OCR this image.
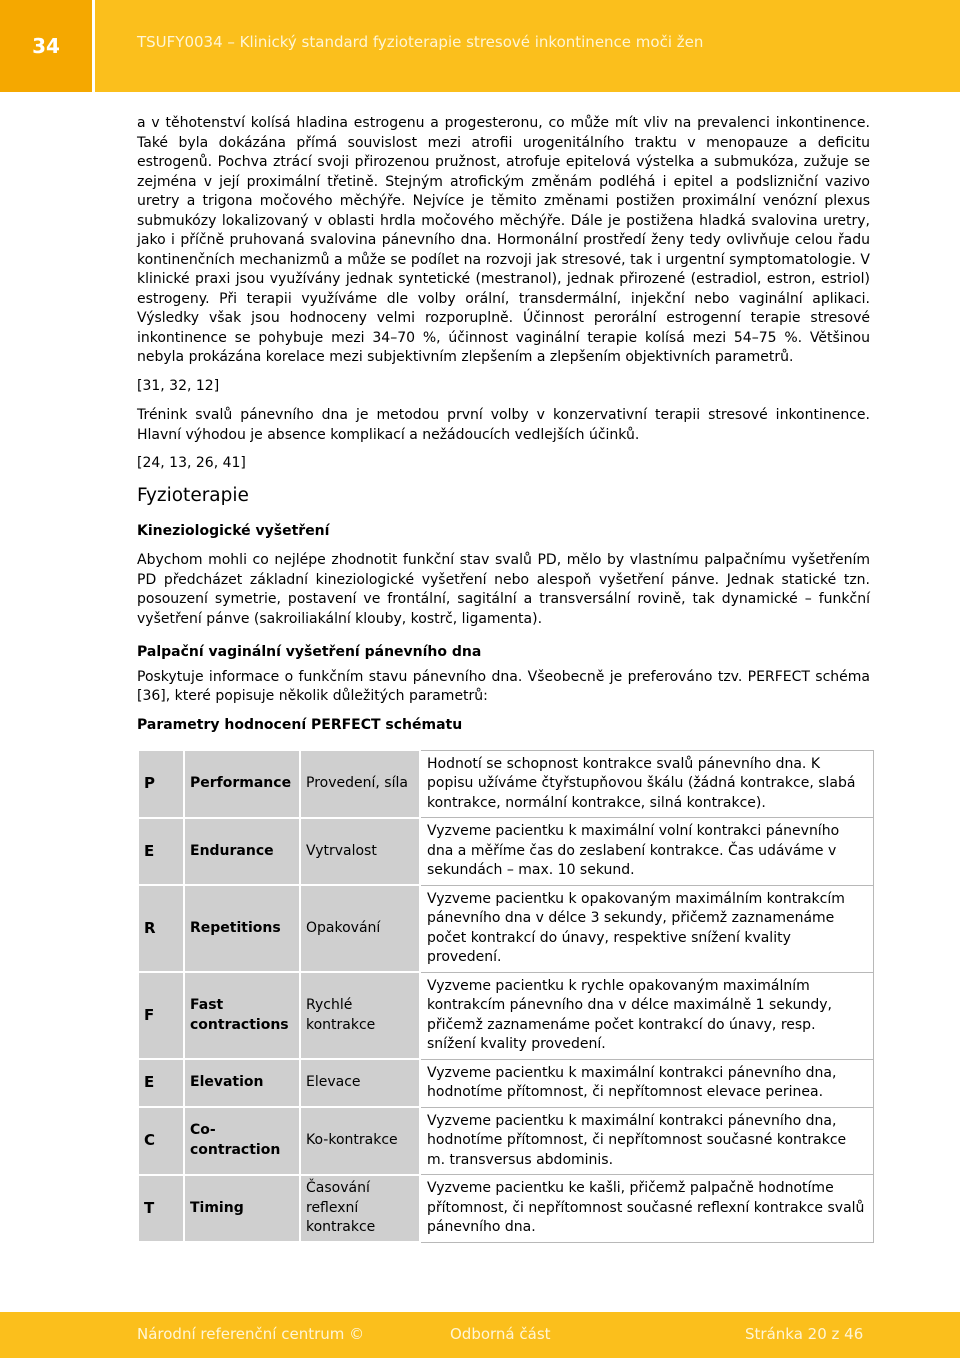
34	TSUFY0034 – Klinický standard fyzioterapie stresové inkontinence moči žen

a v těhotenství kolísá hladina estrogenu a progesteronu, co může mít vliv na prevalenci inkontinence. Také byla dokázána přímá souvislost mezi atrofii urogenitálního traktu v menopauze a deficitu estrogenů. Pochva ztrácí svoji přirozenou pružnost, atrofuje epitelová výstelka a submukóza, zužuje se zejména v její proximální třetině. Stejným atrofickým změnám podléhá i epitel a podslizniční vazivo uretry a trigona močového měchýře. Nejvíce je těmito změnami postižen proximální venózní plexus submukózy lokalizovaný v oblasti hrdla močového měchýře. Dále je postižena hladká svalovina uretry, jako i příčně pruhovaná svalovina pánevního dna. Hormonální prostředí ženy tedy ovlivňuje celou řadu kontinenčních mechanizmů a může se podílet na rozvoji jak stresové, tak i urgentní symptomatologie. V klinické praxi jsou využívány jednak syntetické (mestranol), jednak přirozené (estradiol, estron, estriol) estrogeny. Při terapii využíváme dle volby orální, transdermální, injekční nebo vaginální aplikaci. Výsledky však jsou hodnoceny velmi rozporuplně. Účinnost perorální estrogenní terapie stresové inkontinence se pohybuje mezi 34–70 %, účinnost vaginální terapie kolísá mezi 54–75 %. Většinou nebyla prokázána korelace mezi subjektivním zlepšením a zlepšením objektivních parametrů.

[31, 32, 12]

Trénink svalů pánevního dna je metodou první volby v konzervativní terapii stresové inkontinence. Hlavní výhodou je absence komplikací a nežádoucích vedlejších účinků.

[24, 13, 26, 41]

Fyzioterapie

Kineziologické vyšetření

Abychom mohli co nejlépe zhodnotit funkční stav svalů PD, mělo by vlastnímu palpačnímu vyšetřením PD předcházet základní kineziologické vyšetření nebo alespoň vyšetření pánve. Jednak statické tzn. posouzení symetrie, postavení ve frontální, sagitální a transversální rovině, tak dynamické – funkční vyšetření pánve (sakroiliakální klouby, kostrč, ligamenta).

Palpační vaginální vyšetření pánevního dna

Poskytuje informace o funkčním stavu pánevního dna. Všeobecně je preferováno tzv. PERFECT schéma [36], které popisuje několik důležitých parametrů:

Parametry hodnocení PERFECT schématu

P	Performance	Provedení, síla	Hodnotí se schopnost kontrakce svalů pánevního dna. K popisu užíváme čtyřstupňovou škálu (žádná kontrakce, slabá kontrakce, normální kontrakce, silná kontrakce).
E	Endurance	Vytrvalost	Vyzveme pacientku k maximální volní kontrakci pánevního dna a měříme čas do zeslabení kontrakce. Čas udáváme v sekundách – max. 10 sekund.
R	Repetitions	Opakování	Vyzveme pacientku k opakovaným maximálním kontrakcím pánevního dna v délce 3 sekundy, přičemž zaznamenáme počet kontrakcí do únavy, respektive snížení kvality provedení.
F	Fast contractions	Rychlé kontrakce	Vyzveme pacientku k rychle opakovaným maximálním kontrakcím pánevního dna v délce maximálně 1 sekundy, přičemž zaznamenáme počet kontrakcí do únavy, resp. snížení kvality provedení.
E	Elevation	Elevace	Vyzveme pacientku k maximální kontrakci pánevního dna, hodnotíme přítomnost, či nepřítomnost elevace perinea.
C	Co-contraction	Ko-kontrakce	Vyzveme pacientku k maximální kontrakci pánevního dna, hodnotíme přítomnost, či nepřítomnost současné kontrakce m. transversus abdominis.
T	Timing	Časování reflexní kontrakce	Vyzveme pacientku ke kašli, přičemž palpačně hodnotíme přítomnost, či nepřítomnost současné reflexní kontrakce svalů pánevního dna.
Národní referenční centrum ©	Odborná část	Stránka 20 z 46
